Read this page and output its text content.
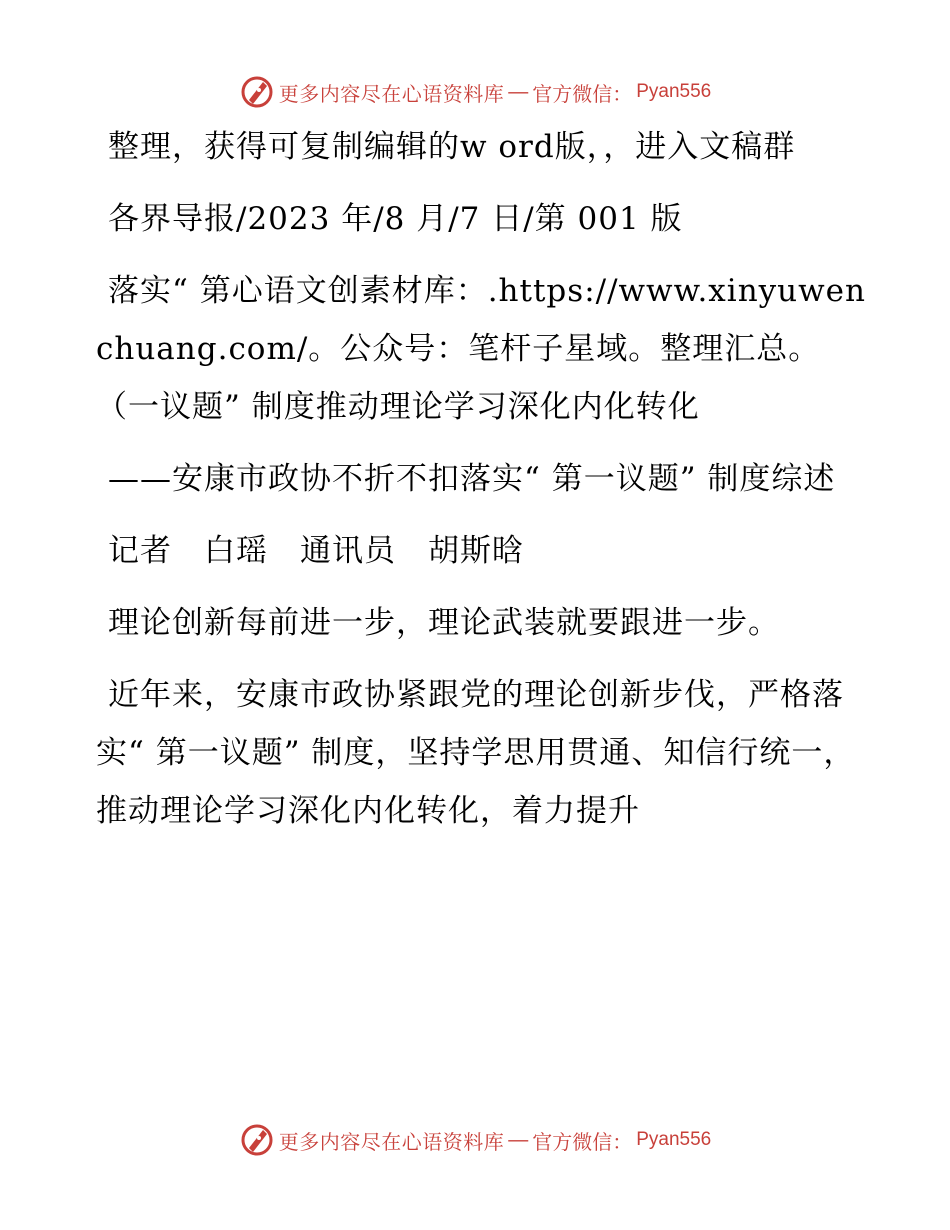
更多内容尽在心语资料库 — 官方微信： Pyan556

整理，获得可复制编辑的w ord版，，进入文稿群

各界导报/2023 年/8 月/7 日/第 001 版

落实“ 第心语文创素材库：.https://www.xinyuwenchuang.com/。公众号：笔杆子星域。整理汇总。（一议题” 制度推动理论学习深化内化转化

——安康市政协不折不扣落实“ 第一议题” 制度综述

记者　白瑶　通讯员　胡斯晗

理论创新每前进一步，理论武装就要跟进一步。

近年来，安康市政协紧跟党的理论创新步伐，严格落实“ 第一议题” 制度，坚持学思用贯通、知信行统一，推动理论学习深化内化转化，着力提升

更多内容尽在心语资料库 — 官方微信： Pyan556
